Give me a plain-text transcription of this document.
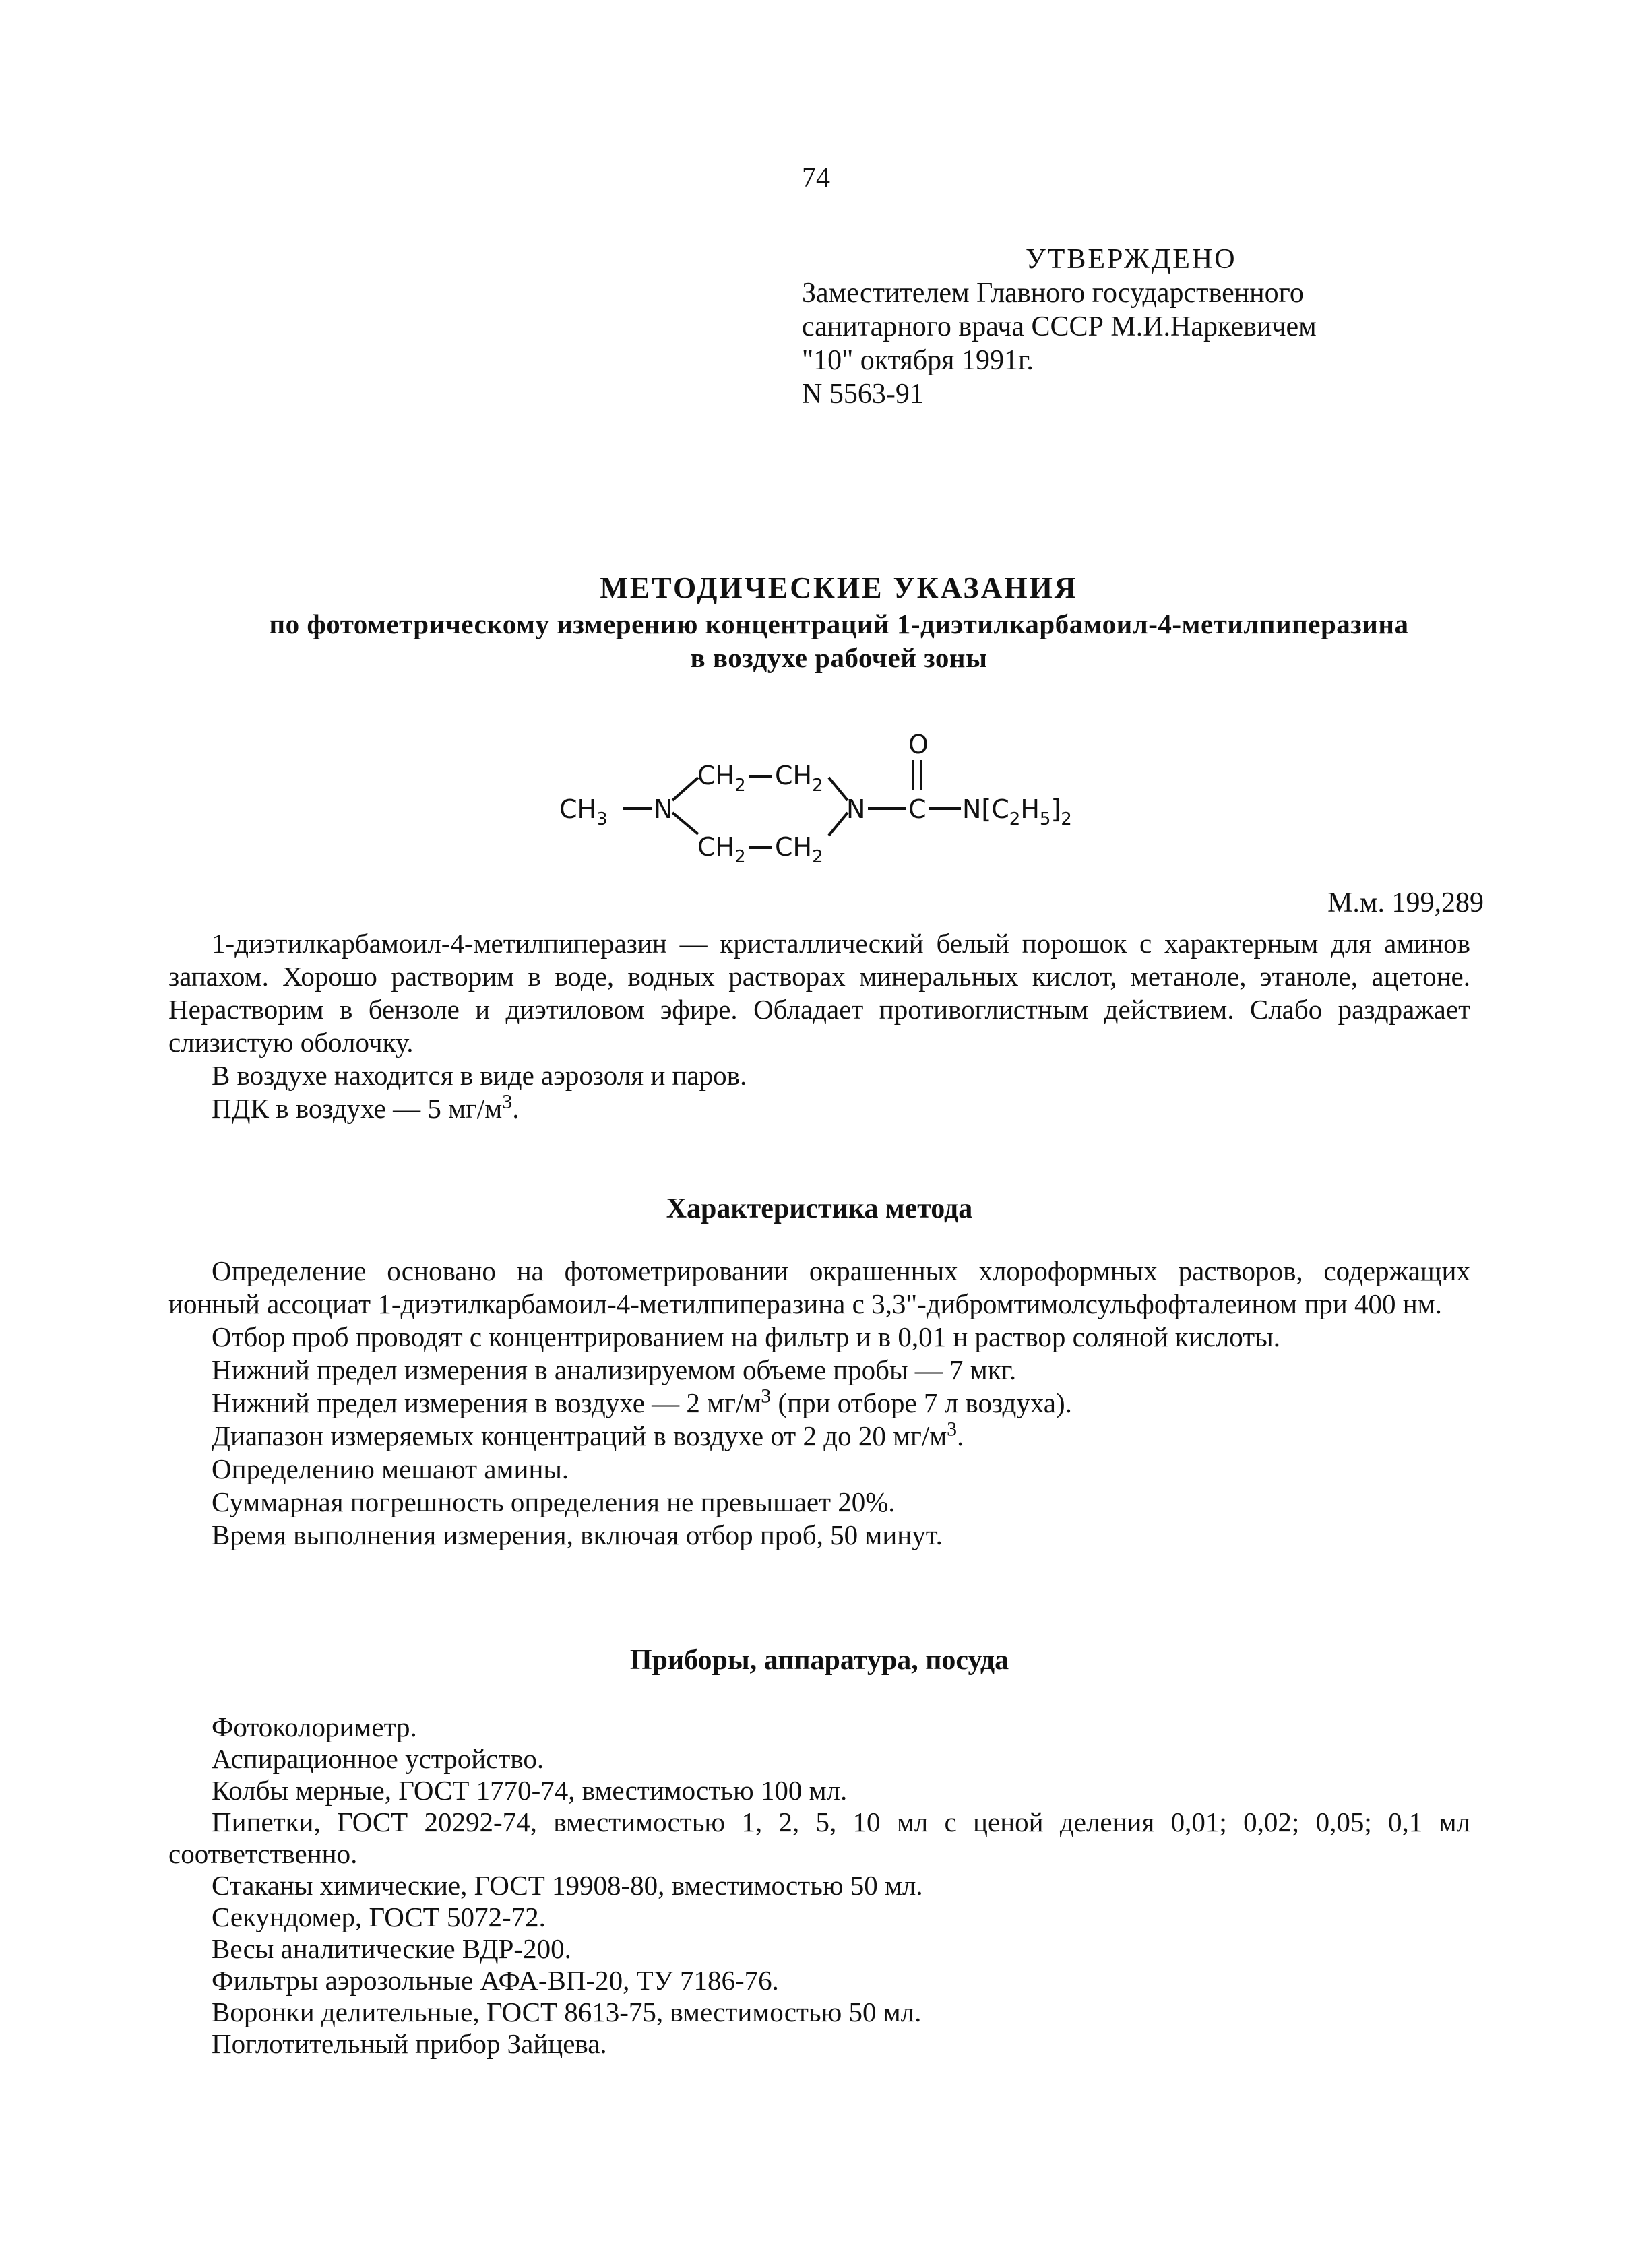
74
УТВЕРЖДЕНО
Заместителем Главного государственного
санитарного врача СССР М.И.Наркевичем
"10" октября 1991г.
N 5563-91
МЕТОДИЧЕСКИЕ УКАЗАНИЯ
по фотометрическому измерению концентраций 1-диэтилкарбамоил-4-метилпиперазина
в воздухе рабочей зоны
$CH_3$ N
$CH_2$ $CH_2$
$CH_2$ $CH_2$
N C
O
$N[C_2H_5]_2$
М.м. 199,289

1-диэтилкарбамоил-4-метилпиперазин — кристаллический белый порошок с характерным для аминов запахом. Хорошо растворим в воде, водных растворах минеральных кислот, метаноле, этаноле, ацетоне. Нерастворим в бензоле и диэтиловом эфире. Обладает противоглистным действием. Слабо раздражает слизистую оболочку.

В воздухе находится в виде аэрозоля и паров.

ПДК в воздухе — 5 $мг/м^3$.

Характеристика метода

Определение основано на фотометрировании окрашенных хлороформных растворов, содержащих ионный ассоциат 1-диэтилкарбамоил-4-метилпиперазина с 3,3"-дибромтимолсульфофталеином при 400 нм.

Отбор проб проводят с концентрированием на фильтр и в 0,01 н раствор соляной кислоты.

Нижний предел измерения в анализируемом объеме пробы — 7 мкг.

Нижний предел измерения в воздухе — 2 $мг/м^3$ (при отборе 7 л воздуха).

Диапазон измеряемых концентраций в воздухе от 2 до 20 $мг/м^3$.

Определению мешают амины.

Суммарная погрешность определения не превышает 20%.

Время выполнения измерения, включая отбор проб, 50 минут.

Приборы, аппаратура, посуда

Фотоколориметр.

Аспирационное устройство.

Колбы мерные, ГОСТ 1770-74, вместимостью 100 мл.

Пипетки, ГОСТ 20292-74, вместимостью 1, 2, 5, 10 мл с ценой деления 0,01; 0,02; 0,05; 0,1 мл соответственно.

Стаканы химические, ГОСТ 19908-80, вместимостью 50 мл.

Секундомер, ГОСТ 5072-72.

Весы аналитические ВДР-200.

Фильтры аэрозольные АФА-ВП-20, ТУ 7186-76.

Воронки делительные, ГОСТ 8613-75, вместимостью 50 мл.

Поглотительный прибор Зайцева.
